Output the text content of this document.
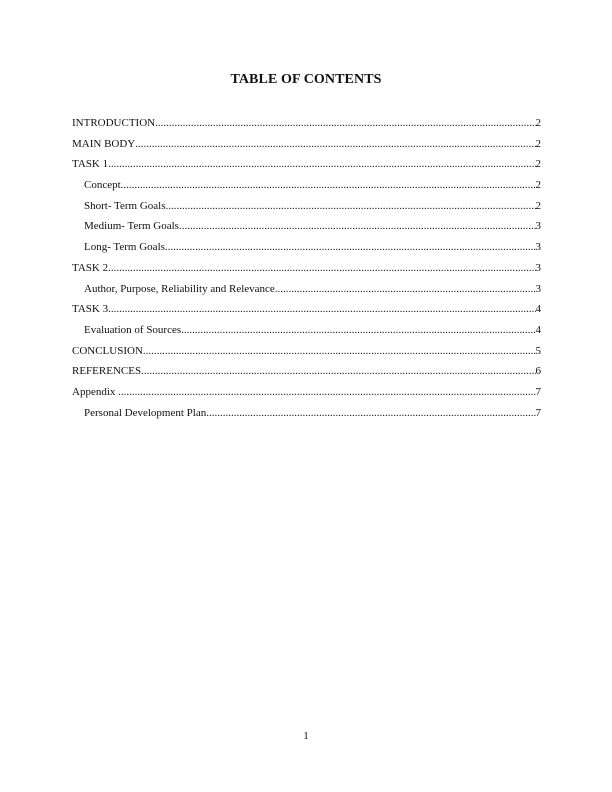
TABLE OF CONTENTS
INTRODUCTION .....	2
MAIN BODY .....	2
TASK 1 .....	2
Concept .....	2
Short- Term Goals .....	2
Medium- Term Goals .....	3
Long- Term Goals .....	3
TASK 2 .....	3
Author, Purpose, Reliability and Relevance .....	3
TASK 3 .....	4
Evaluation of Sources .....	4
CONCLUSION .....	5
REFERENCES .....	6
Appendix .....	7
Personal Development Plan .....	7
1
